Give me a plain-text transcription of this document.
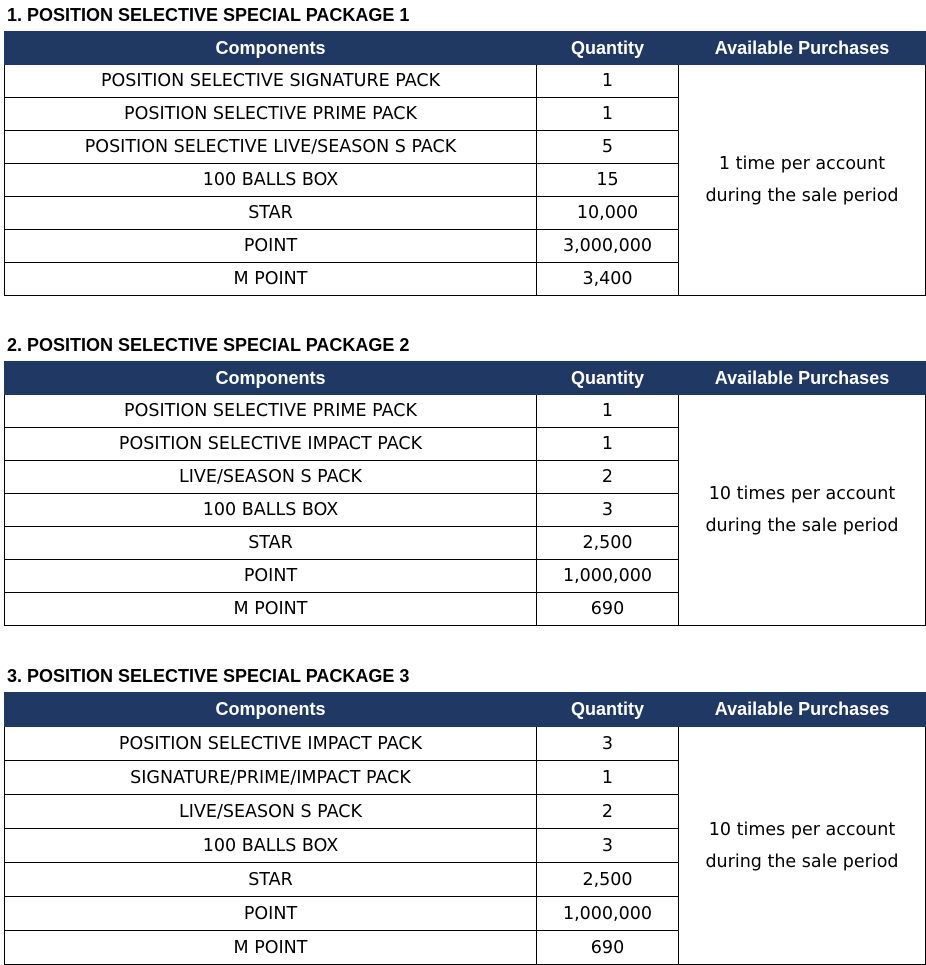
1. POSITION SELECTIVE SPECIAL PACKAGE 1
Components	Quantity	Available Purchases
POSITION SELECTIVE SIGNATURE PACK	1	1 time per account
during the sale period

POSITION SELECTIVE PRIME PACK	1	
POSITION SELECTIVE LIVE/SEASON S PACK	5	
100 BALLS BOX	15	
STAR	10,000	
POINT	3,000,000	
M POINT	3,400	
2. POSITION SELECTIVE SPECIAL PACKAGE 2
Components	Quantity	Available Purchases
POSITION SELECTIVE PRIME PACK	1	10 times per account
during the sale period

POSITION SELECTIVE IMPACT PACK	1	
LIVE/SEASON S PACK	2	
100 BALLS BOX	3	
STAR	2,500	
POINT	1,000,000	
M POINT	690	
3. POSITION SELECTIVE SPECIAL PACKAGE 3
Components	Quantity	Available Purchases
POSITION SELECTIVE IMPACT PACK	3	10 times per account
during the sale period

SIGNATURE/PRIME/IMPACT PACK	1	
LIVE/SEASON S PACK	2	
100 BALLS BOX	3	
STAR	2,500	
POINT	1,000,000	
M POINT	690	
